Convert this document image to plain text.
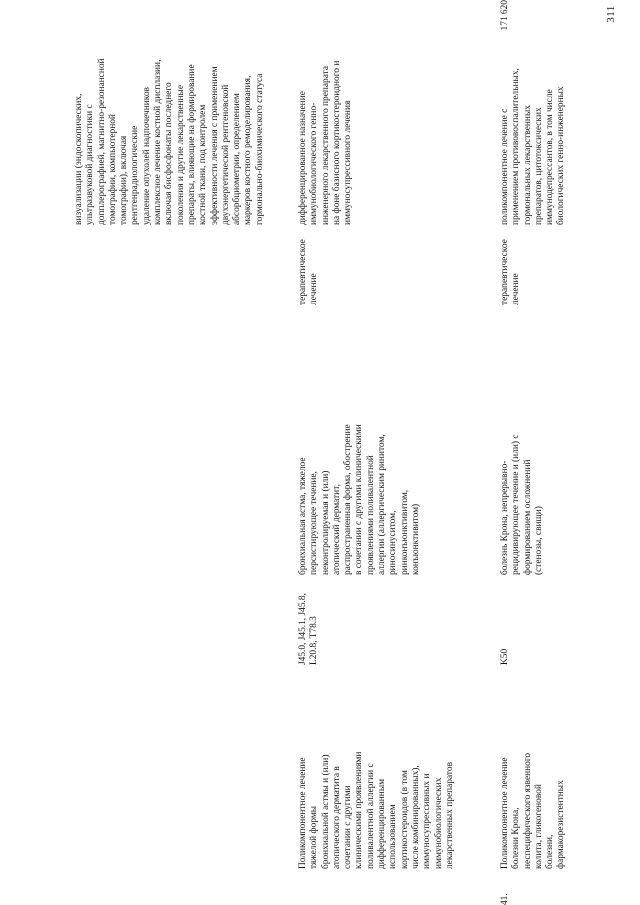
311
визуализации (эндоскопических,
ультразвуковой диагностики с
допплерографией, магнитно-резонансной
томографии, компьютерной
томографии), включая
рентгенрадиологические
удаление опухолей надпочечников
комплексное лечение костной дисплазии,
включая бисфосфонаты последнего
поколения и другие лекарственные
препараты, влияющие на формирование
костной ткани, под контролем
эффективности лечения с применением
двухэнергетической рентгеновской
абсорбциометрии, определением
маркеров костного ремоделирования,
гормонально-биохимического статуса
Поликомпонентное лечение
тяжелой формы
бронхиальной астмы и (или)
атопического дерматита в
сочетании с другими
клиническими проявлениями
поливалентной аллергии с
дифференцированным
использованием
кортикостероидов (в том
числе комбинированных),
иммуносупрессивных и
иммунобиологических
лекарственных препаратов
J45.0, J45.1, J45.8,
L20.8, T78.3
бронхиальная астма, тяжелое
персистирующее течение,
неконтролируемая и (или)
атопический дерматит,
распространенная форма, обострение
в сочетании с другими клиническими
проявлениями поливалентной
аллергии (аллергическим ринитом,
риносинуситом,
ринконъюнктивитом,
конъюнктивитом)
терапевтическое
лечение
дифференцированное назначение
иммунобиологического генно-
инженерного лекарственного препарата
на фоне базисного кортикостероидного и
иммуносупрессивного лечения
41.
Поликомпонентное лечение
болезни Крона,
неспецифического язвенного
колита, гликогеновой
болезни,
фармакорезистентных
K50
болезнь Крона, непрерывно-
рецидивирующее течение и (или) с
формированием осложнений
(стенозы, свищи)
терапевтическое
лечение
поликомпонентное лечение с
применением противовоспалительных,
гормональных лекарственных
препаратов, цитотоксических
иммунодепрессантов, в том числе
биологических генно-инженерных
171 620
